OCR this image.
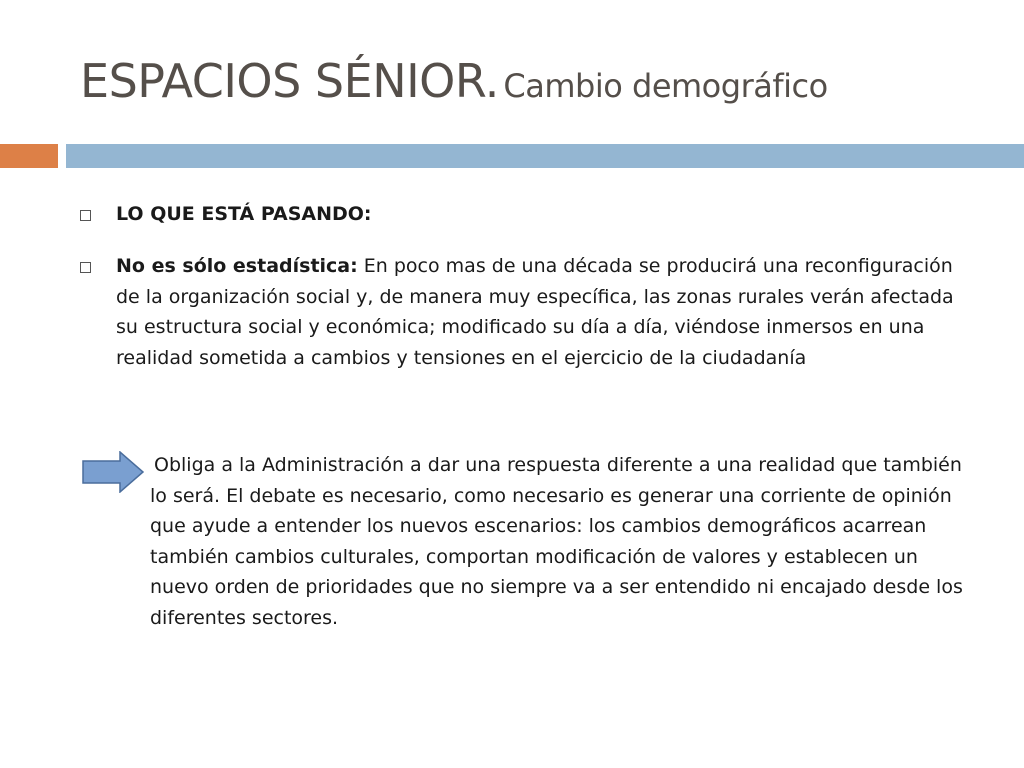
ESPACIOS SÉNIOR. Cambio demográfico
LO QUE ESTÁ PASANDO:
No es sólo estadística: En poco mas de una década se producirá una reconfiguración de la organización social y, de manera muy específica, las zonas rurales verán afectada su estructura social y económica; modificado su día a día, viéndose inmersos en una realidad sometida a cambios y tensiones en el ejercicio de la ciudadanía
Obliga a la Administración a dar una respuesta diferente a una realidad que también lo será. El debate es necesario, como necesario es generar una corriente de opinión que ayude a entender los nuevos escenarios: los cambios demográficos acarrean también cambios culturales, comportan modificación de valores y establecen un nuevo orden de prioridades que no siempre va a ser entendido ni encajado desde los diferentes sectores.
